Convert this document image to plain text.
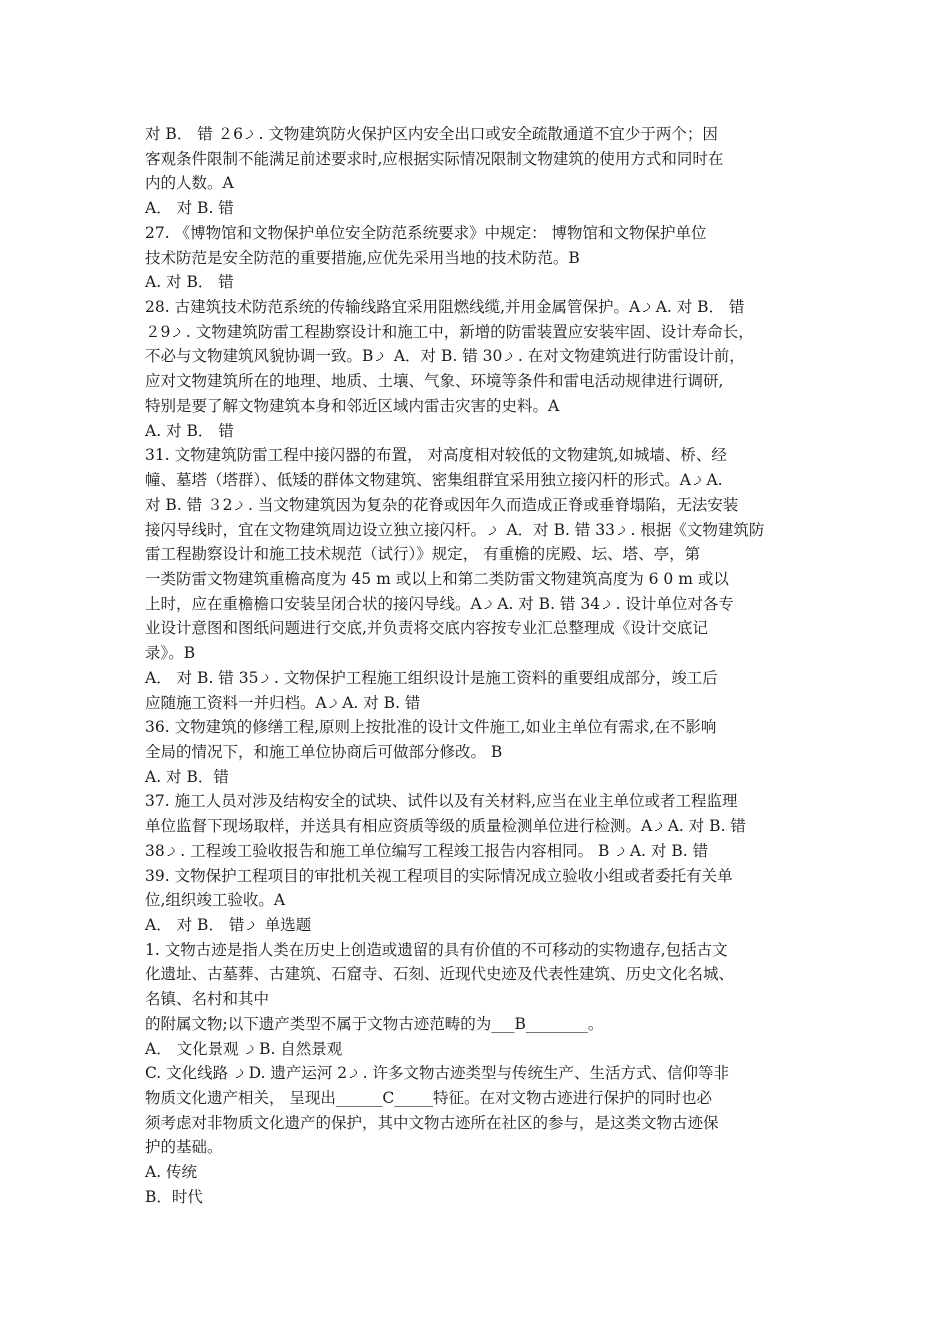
对 B． 错 ２6ࡧ. 文物建筑防火保护区内安全出口或安全疏散通道不宜少于两个；因
客观条件限制不能满足前述要求时,应根据实际情况限制文物建筑的使用方式和同时在
内的人数。A
A． 对 B. 错
27. 《博物馆和文物保护单位安全防范系统要求》中规定： 博物馆和文物保护单位
技术防范是安全防范的重要措施,应优先采用当地的技术防范。B
A. 对 B． 错
28. 古建筑技术防范系统的传输线路宜采用阻燃线缆,并用金属管保护。AࡧA. 对 B． 错
２9ࡧ. 文物建筑防雷工程勘察设计和施工中，新增的防雷装置应安装牢固、设计寿命长，
不必与文物建筑风貌协调一致。Bࡧ A．对 B. 错 30ࡧ. 在对文物建筑进行防雷设计前，
应对文物建筑所在的地理、地质、土壤、气象、环境等条件和雷电活动规律进行调研,
特别是要了解文物建筑本身和邻近区域内雷击灾害的史料。A
A. 对 B． 错
31. 文物建筑防雷工程中接闪器的布置， 对高度相对较低的文物建筑,如城墙、桥、经
幢、墓塔（塔群）、低矮的群体文物建筑、密集组群宜采用独立接闪杆的形式。AࡧA.
对 B. 错 ３2ࡧ. 当文物建筑因为复杂的花脊或因年久而造成正脊或垂脊塌陷，无法安装
接闪导线时，宜在文物建筑周边设立独立接闪杆。ࡧ A．对 B. 错 33ࡧ. 根据《文物建筑防
雷工程勘察设计和施工技术规范（试行）》规定， 有重檐的庑殿、坛、塔、亭，第
一类防雷文物建筑重檐高度为 45 m 或以上和第二类防雷文物建筑高度为 6 0 m 或以
上时，应在重檐檐口安装呈闭合状的接闪导线。AࡧA. 对 B. 错 34ࡧ. 设计单位对各专
业设计意图和图纸问题进行交底,并负责将交底内容按专业汇总整理成《设计交底记
录》。B
A． 对 B. 错 35ࡧ. 文物保护工程施工组织设计是施工资料的重要组成部分，竣工后
应随施工资料一并归档。AࡧA. 对 B. 错
36. 文物建筑的修缮工程,原则上按批准的设计文件施工,如业主单位有需求,在不影响
全局的情况下，和施工单位协商后可做部分修改。 B
A. 对 B．错
37. 施工人员对涉及结构安全的试块、试件以及有关材料,应当在业主单位或者工程监理
单位监督下现场取样，并送具有相应资质等级的质量检测单位进行检测。AࡧA. 对 B. 错
38ࡧ. 工程竣工验收报告和施工单位编写工程竣工报告内容相同。 B ࡧA. 对 B. 错
39. 文物保护工程项目的审批机关视工程项目的实际情况成立验收小组或者委托有关单
位,组织竣工验收。A
A． 对 B． 错ࡧ 单选题
1. 文物古迹是指人类在历史上创造或遗留的具有价值的不可移动的实物遗存,包括古文
化遗址、古墓葬、古建筑、石窟寺、石刻、近现代史迹及代表性建筑、历史文化名城、
名镇、名村和其中
的附属文物;以下遗产类型不属于文物古迹范畴的为___B________。
A． 文化景观 ࡧB. 自然景观
C. 文化线路 ࡧD. 遗产运河 2ࡧ. 许多文物古迹类型与传统生产、生活方式、信仰等非
物质文化遗产相关， 呈现出______C_____特征。在对文物古迹进行保护的同时也必
须考虑对非物质文化遗产的保护，其中文物古迹所在社区的参与，是这类文物古迹保
护的基础。
A. 传统
B．时代
